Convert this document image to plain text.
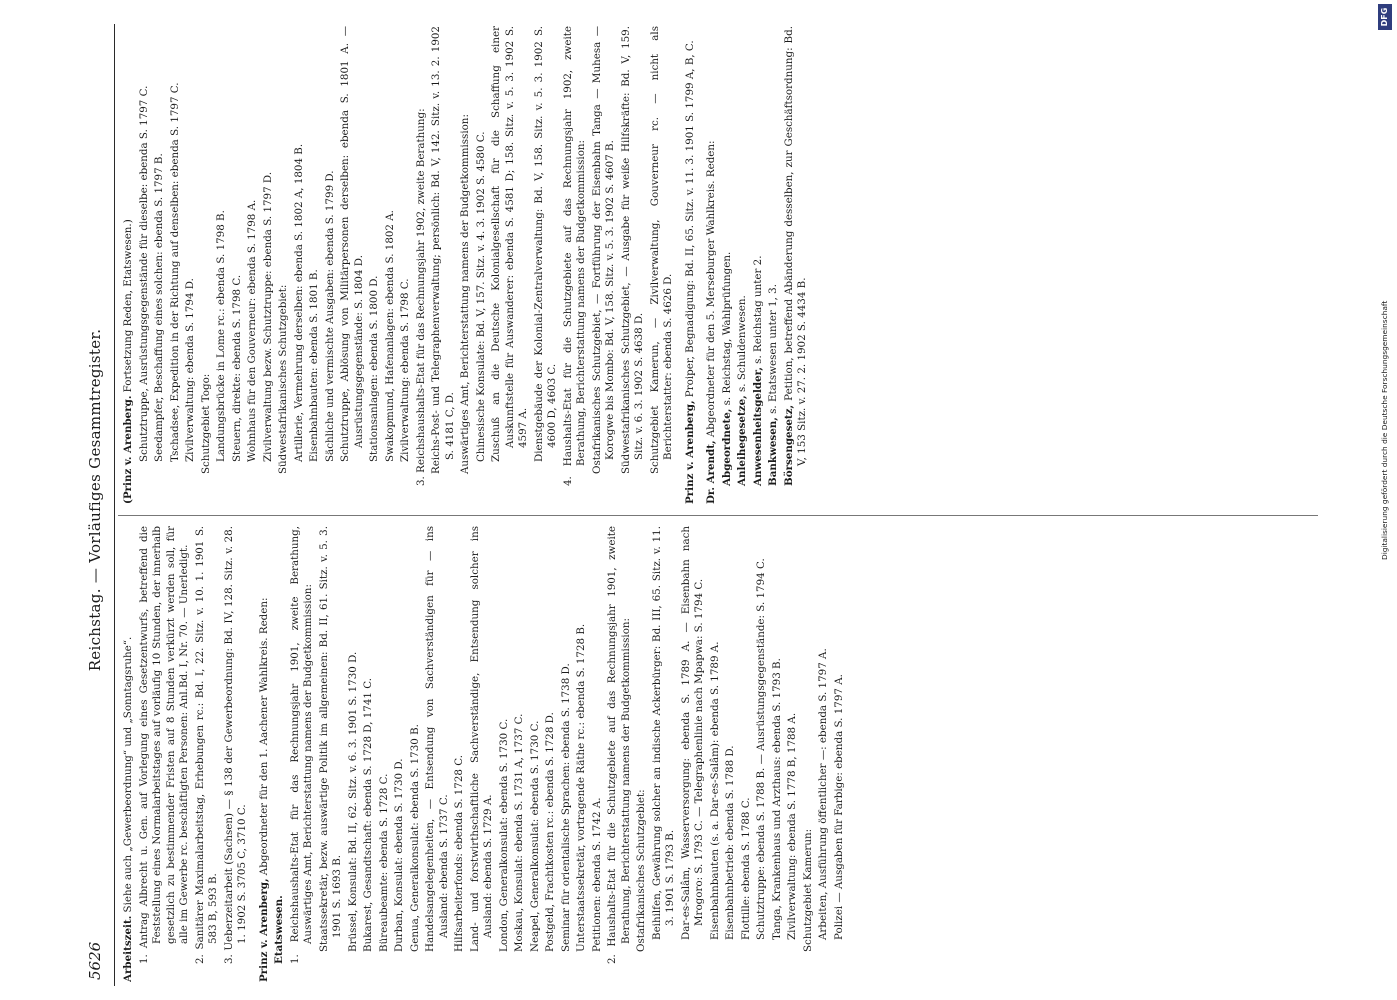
5626
Reichstag. — Vorläufiges Gesammtregister.
Arbeitszeit. Siehe auch „Gewerbeordnung“ und „Sonntagsruhe“. 1. Antrag Albrecht u. Gen. auf Vorlegung eines Gesetzentwurfs, betreffend die Feststellung eines Normalarbeitstages auf vorläufig 10 Stunden, der innerhalb gesetzlich zu bestimmender Fristen auf 8 Stunden verkürzt werden soll, für alle im Gewerbe rc. beschäftigten Personen: Anl.Bd. I, Nr. 70. — Unerledigt. 2. Sanitärer Maximalarbeitstag, Erhebungen rc.: Bd. I, 22. Sitz. v. 10. 1. 1901 S. 583 B, 593 B. 3. Ueberzeitarbeit (Sachsen) — § 138 der Gewerbeordnung: Bd. IV, 128. Sitz. v. 28. 1. 1902 S. 3705 C, 3710 C. Prinz v. Arenberg, Abgeordneter für den 1. Aachener Wahlkreis. Reden:
Etatswesen. 1. Reichshaushalts-Etat für das Rechnungsjahr 1901, zweite Berathung, Auswärtiges Amt, Berichterstattung namens der Budgetkommission: Staatssekretär, bezw. auswärtige Politik im allgemeinen: Bd. II, 61. Sitz. v. 5. 3. 1901 S. 1693 B. Brüssel, Konsulat: Bd. II, 62. Sitz. v. 6. 3. 1901 S. 1730 D. Bukarest, Gesandtschaft: ebenda S. 1728 D, 1741 C. Büreaubeamte: ebenda S. 1728 C. Durban, Konsulat: ebenda S. 1730 D. Genua, Generalkonsulat: ebenda S. 1730 B. Handelsangelegenheiten, — Entsendung von Sachverständigen für — ins Ausland: ebenda S. 1737 C. Hilfsarbeiterfonds: ebenda S. 1728 C. Land- und forstwirthschaftliche Sachverständige, Entsendung solcher ins Ausland: ebenda S. 1729 A. London, Generalkonsulat: ebenda S. 1730 C. Moskau, Konsulat: ebenda S. 1731 A, 1737 C. Neapel, Generalkonsulat: ebenda S. 1730 C. Postgeld, Frachtkosten rc.: ebenda S. 1728 D. Seminar für orientalische Sprachen: ebenda S. 1738 D. Unterstaatssekretär, vortragende Räthe rc.: ebenda S. 1728 B. Petitionen: ebenda S. 1742 A. 2. Haushalts-Etat für die Schutzgebiete auf das Rechnungsjahr 1901, zweite Berathung, Berichterstattung namens der Budgetkommission: Ostafrikanisches Schutzgebiet: Beihilfen, Gewährung solcher an indische Ackerbürger: Bd. III, 65. Sitz. v. 11. 3. 1901 S. 1793 B. Dar-es-Salâm, Wasserversorgung: ebenda S. 1789 A. — Eisenbahn nach Mrogoro: S. 1793 C. — Telegraphenlinie nach Mpapwa: S. 1794 C. Eisenbahnbauten (s. a. Dar-es-Salâm): ebenda S. 1789 A. Eisenbahnbetrieb: ebenda S. 1788 D. Flottille: ebenda S. 1788 C. Schutztruppe: ebenda S. 1788 B. — Ausrüstungsgegenstände: S. 1794 C. Tanga, Krankenhaus und Arzthaus: ebenda S. 1793 B. Zivilverwaltung: ebenda S. 1778 B, 1788 A. Schutzgebiet Kamerun: Arbeiten, Ausführung öffentlicher —: ebenda S. 1797 A. Polizei — Ausgaben für Farbige: ebenda S. 1797 A.
(Prinz v. Arenberg. Fortsetzung Reden, Etatswesen.) Schutztruppe, Ausrüstungsgegenstände für dieselbe: ebenda S. 1797 C. Seedampfer, Beschaffung eines solchen: ebenda S. 1797 B. Tschadsee, Expedition in der Richtung auf denselben: ebenda S. 1797 C. Zivilverwaltung: ebenda S. 1794 D. Schutzgebiet Togo: Landungsbrücke in Lome rc.: ebenda S. 1798 B. Steuern, direkte: ebenda S. 1798 C. Wohnhaus für den Gouverneur: ebenda S. 1798 A. Zivilverwaltung bezw. Schutztruppe: ebenda S. 1797 D. Südwestafrikanisches Schutzgebiet: Artillerie, Vermehrung derselben: ebenda S. 1802 A, 1804 B. Eisenbahnbauten: ebenda S. 1801 B. Sächliche und vermischte Ausgaben: ebenda S. 1799 D. Schutztruppe, Ablösung von Militärpersonen derselben: ebenda S. 1801 A. — Ausrüstungsgegenstände: S. 1804 D. Stationsanlagen: ebenda S. 1800 D. Swakopmund, Hafenanlagen: ebenda S. 1802 A. Zivilverwaltung: ebenda S. 1798 C. 3. Reichshaushalts-Etat für das Rechnungsjahr 1902, zweite Berathung: Reichs-Post- und Telegraphenverwaltung; persönlich: Bd. V, 142. Sitz. v. 13. 2. 1902 S. 4181 C, D. Auswärtiges Amt, Berichterstattung namens der Budgetkommission: Chinesische Konsulate: Bd. V, 157. Sitz. v. 4. 3. 1902 S. 4580 C. Zuschuß an die Deutsche Kolonialgesellschaft für die Schaffung einer Auskunftstelle für Auswanderer: ebenda S. 4581 D; 158. Sitz. v. 5. 3. 1902 S. 4597 A. Dienstgebäude der Kolonial-Zentralverwaltung: Bd. V, 158. Sitz. v. 5. 3. 1902 S. 4600 D, 4603 C. 4. Haushalts-Etat für die Schutzgebiete auf das Rechnungsjahr 1902, zweite Berathung, Berichterstattung namens der Budgetkommission: Ostafrikanisches Schutzgebiet, — Fortführung der Eisenbahn Tanga — Muhesa — Korogwe bis Mombo: Bd. V, 158. Sitz. v. 5. 3. 1902 S. 4607 B. Südwestafrikanisches Schutzgebiet, — Ausgabe für weiße Hilfskräfte: Bd. V, 159. Sitz. v. 6. 3. 1902 S. 4638 D. Schutzgebiet Kamerun, — Zivilverwaltung, Gouverneur rc. — nicht als Berichterstatter: ebenda S. 4626 D. Prinz v. Arenberg, Proiper, Begnadigung: Bd. II, 65. Sitz. v. 11. 3. 1901 S. 1799 A, B, C.
Dr. Arendt, Abgeordneter für den 5. Merseburger Wahlkreis. Reden:
Abgeordnete, s. Reichstag, Wahlprüfungen.
Anleihegesetze, s. Schuldenwesen.
Anwesenheitsgelder, s. Reichstag unter 2.
Bankwesen, s. Etatswesen unter 1, 3.
Börsengesetz, Petition, betreffend Abänderung desselben, zur Geschäftsordnung: Bd. V, 153 Sitz. v. 27. 2. 1902 S. 4434 B.
DFG
Digitalisierung gefördert durch die Deutsche Forschungsgemeinschaft
